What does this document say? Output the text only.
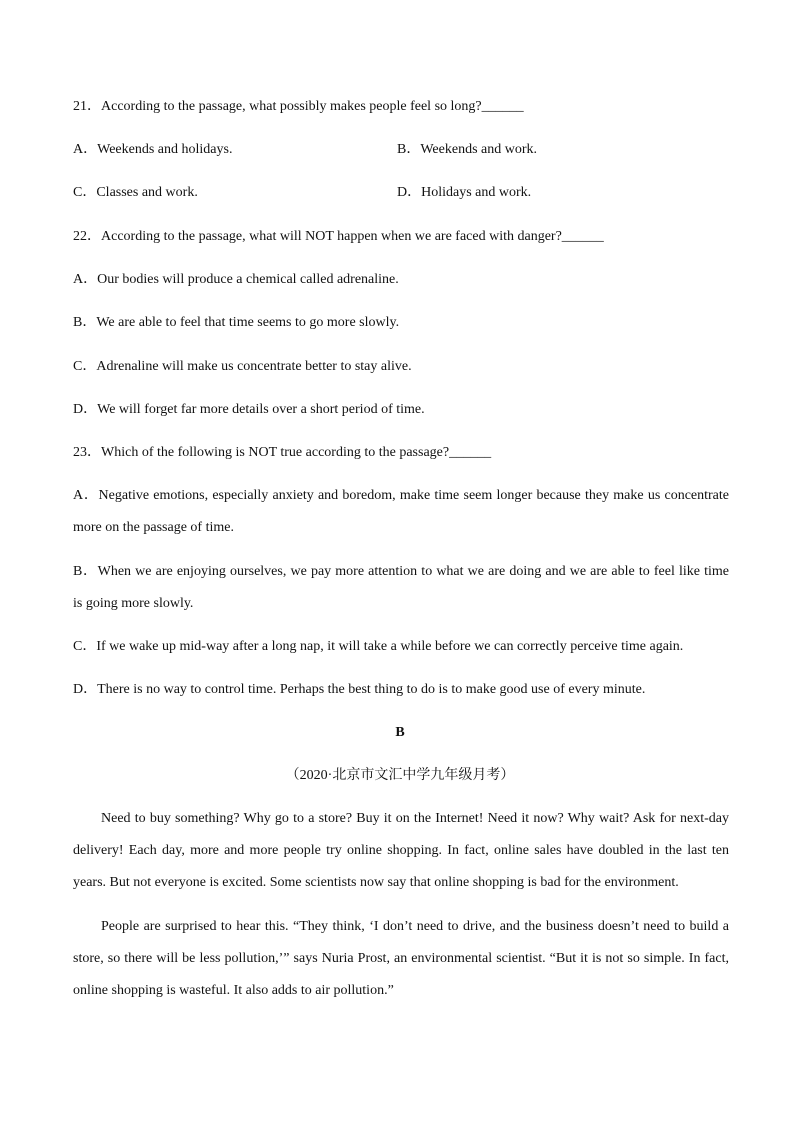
21．According to the passage, what possibly makes people feel so long?______
A．Weekends and holidays.	B．Weekends and work.
C．Classes and work.	D．Holidays and work.
22．According to the passage, what will NOT happen when we are faced with danger?______
A．Our bodies will produce a chemical called adrenaline.
B．We are able to feel that time seems to go more slowly.
C．Adrenaline will make us concentrate better to stay alive.
D．We will forget far more details over a short period of time.
23．Which of the following is NOT true according to the passage?______
A．Negative emotions, especially anxiety and boredom, make time seem longer because they make us concentrate
more on the passage of time.
B．When we are enjoying ourselves, we pay more attention to what we are doing and we are able to feel like time
is going more slowly.
C．If we wake up mid-way after a long nap, it will take a while before we can correctly perceive time again.
D．There is no way to control time. Perhaps the best thing to do is to make good use of every minute.
B
（2020·北京市文汇中学九年级月考）
Need to buy something? Why go to a store? Buy it on the Internet! Need it now? Why wait? Ask for next-day
delivery! Each day, more and more people try online shopping. In fact, online sales have doubled in the last ten
years. But not everyone is excited. Some scientists now say that online shopping is bad for the environment.
People are surprised to hear this. “They think, ‘I don’t need to drive, and the business doesn’t need to build a
store, so there will be less pollution,’” says Nuria Prost, an environmental scientist. “But it is not so simple. In fact,
online shopping is wasteful. It also adds to air pollution.”
